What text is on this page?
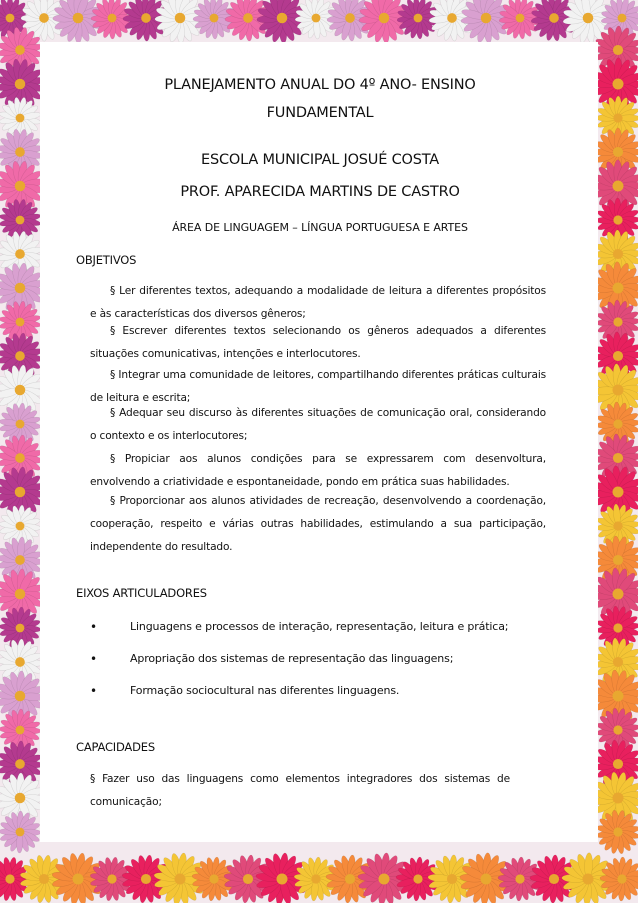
PLANEJAMENTO ANUAL DO 4º ANO- ENSINO
FUNDAMENTAL
ESCOLA MUNICIPAL JOSUÉ COSTA
PROF. APARECIDA MARTINS DE CASTRO
ÁREA DE LINGUAGEM – LÍNGUA PORTUGUESA E ARTES
OBJETIVOS
§ Ler diferentes textos, adequando a modalidade de leitura a diferentes propósitos e às características dos diversos gêneros;
§ Escrever diferentes textos selecionando os gêneros adequados a diferentes situações comunicativas, intenções e interlocutores.
§ Integrar uma comunidade de leitores, compartilhando diferentes práticas culturais de leitura e escrita;
§ Adequar seu discurso às diferentes situações de comunicação oral, considerando o contexto e os interlocutores;
§ Propiciar aos alunos condições para se expressarem com desenvoltura, envolvendo a criatividade e espontaneidade, pondo em prática suas habilidades.
§ Proporcionar aos alunos atividades de recreação, desenvolvendo a coordenação, cooperação, respeito e várias outras habilidades, estimulando a sua participação, independente do resultado.
EIXOS ARTICULADORES
•	Linguagens e processos de interação, representação, leitura e prática;
•	Apropriação dos sistemas de representação das linguagens;
•	Formação sociocultural nas diferentes linguagens.
CAPACIDADES
§ Fazer uso das linguagens como elementos integradores dos sistemas de comunicação;
